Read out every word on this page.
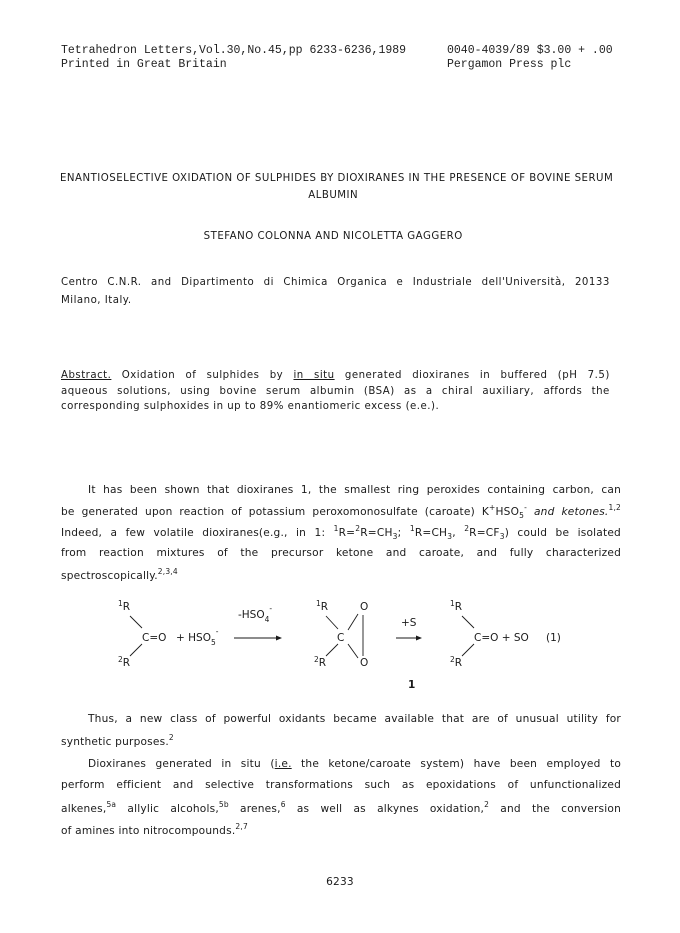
Tetrahedron Letters,Vol.30,No.45,pp 6233-6236,1989
Printed in Great Britain
0040-4039/89 $3.00 + .00
Pergamon Press plc
ENANTIOSELECTIVE OXIDATION OF SULPHIDES BY DIOXIRANES IN THE PRESENCE OF BOVINE SERUM
ALBUMIN
STEFANO COLONNA AND NICOLETTA GAGGERO
Centro C.N.R. and Dipartimento di Chimica Organica e Industriale dell'Università, 20133
Milano, Italy.
Abstract. Oxidation of sulphides by in situ generated dioxiranes in buffered (pH 7.5)
aqueous solutions, using bovine serum albumin (BSA) as a chiral auxiliary, affords the
corresponding sulphoxides in up to 89% enantiomeric excess (e.e.).
It has been shown that dioxiranes 1, the smallest ring peroxides containing carbon, can
be generated upon reaction of potassium peroxomonosulfate (caroate) $K^+HSO_5^-$ and ketones.$^{1,2}$
Indeed, a few volatile dioxiranes(e.g., in 1: $^1R=^2R=CH_3$; $^1R=CH_3$, $^2R=CF_3$) could be isolated
from reaction mixtures of the precursor ketone and caroate, and fully characterized
spectroscopically.$^{2,3,4}$
$^1$R
C=O
$^2$R
+ $HSO_5^-$
$-HSO_4^-$
$^1$R
C
$^2$R
O
O
1
+S
$^1$R
C=O + SO
$^2$R
(1)
Thus, a new class of powerful oxidants became available that are of unusual utility for
synthetic purposes.$^2$
Dioxiranes generated in situ (i.e. the ketone/caroate system) have been employed to
perform efficient and selective transformations such as epoxidations of unfunctionalized
alkenes,$^{5a}$ allylic alcohols,$^{5b}$ arenes,$^6$ as well as alkynes oxidation,$^2$ and the conversion
of amines into nitrocompounds.$^{2,7}$
6233
